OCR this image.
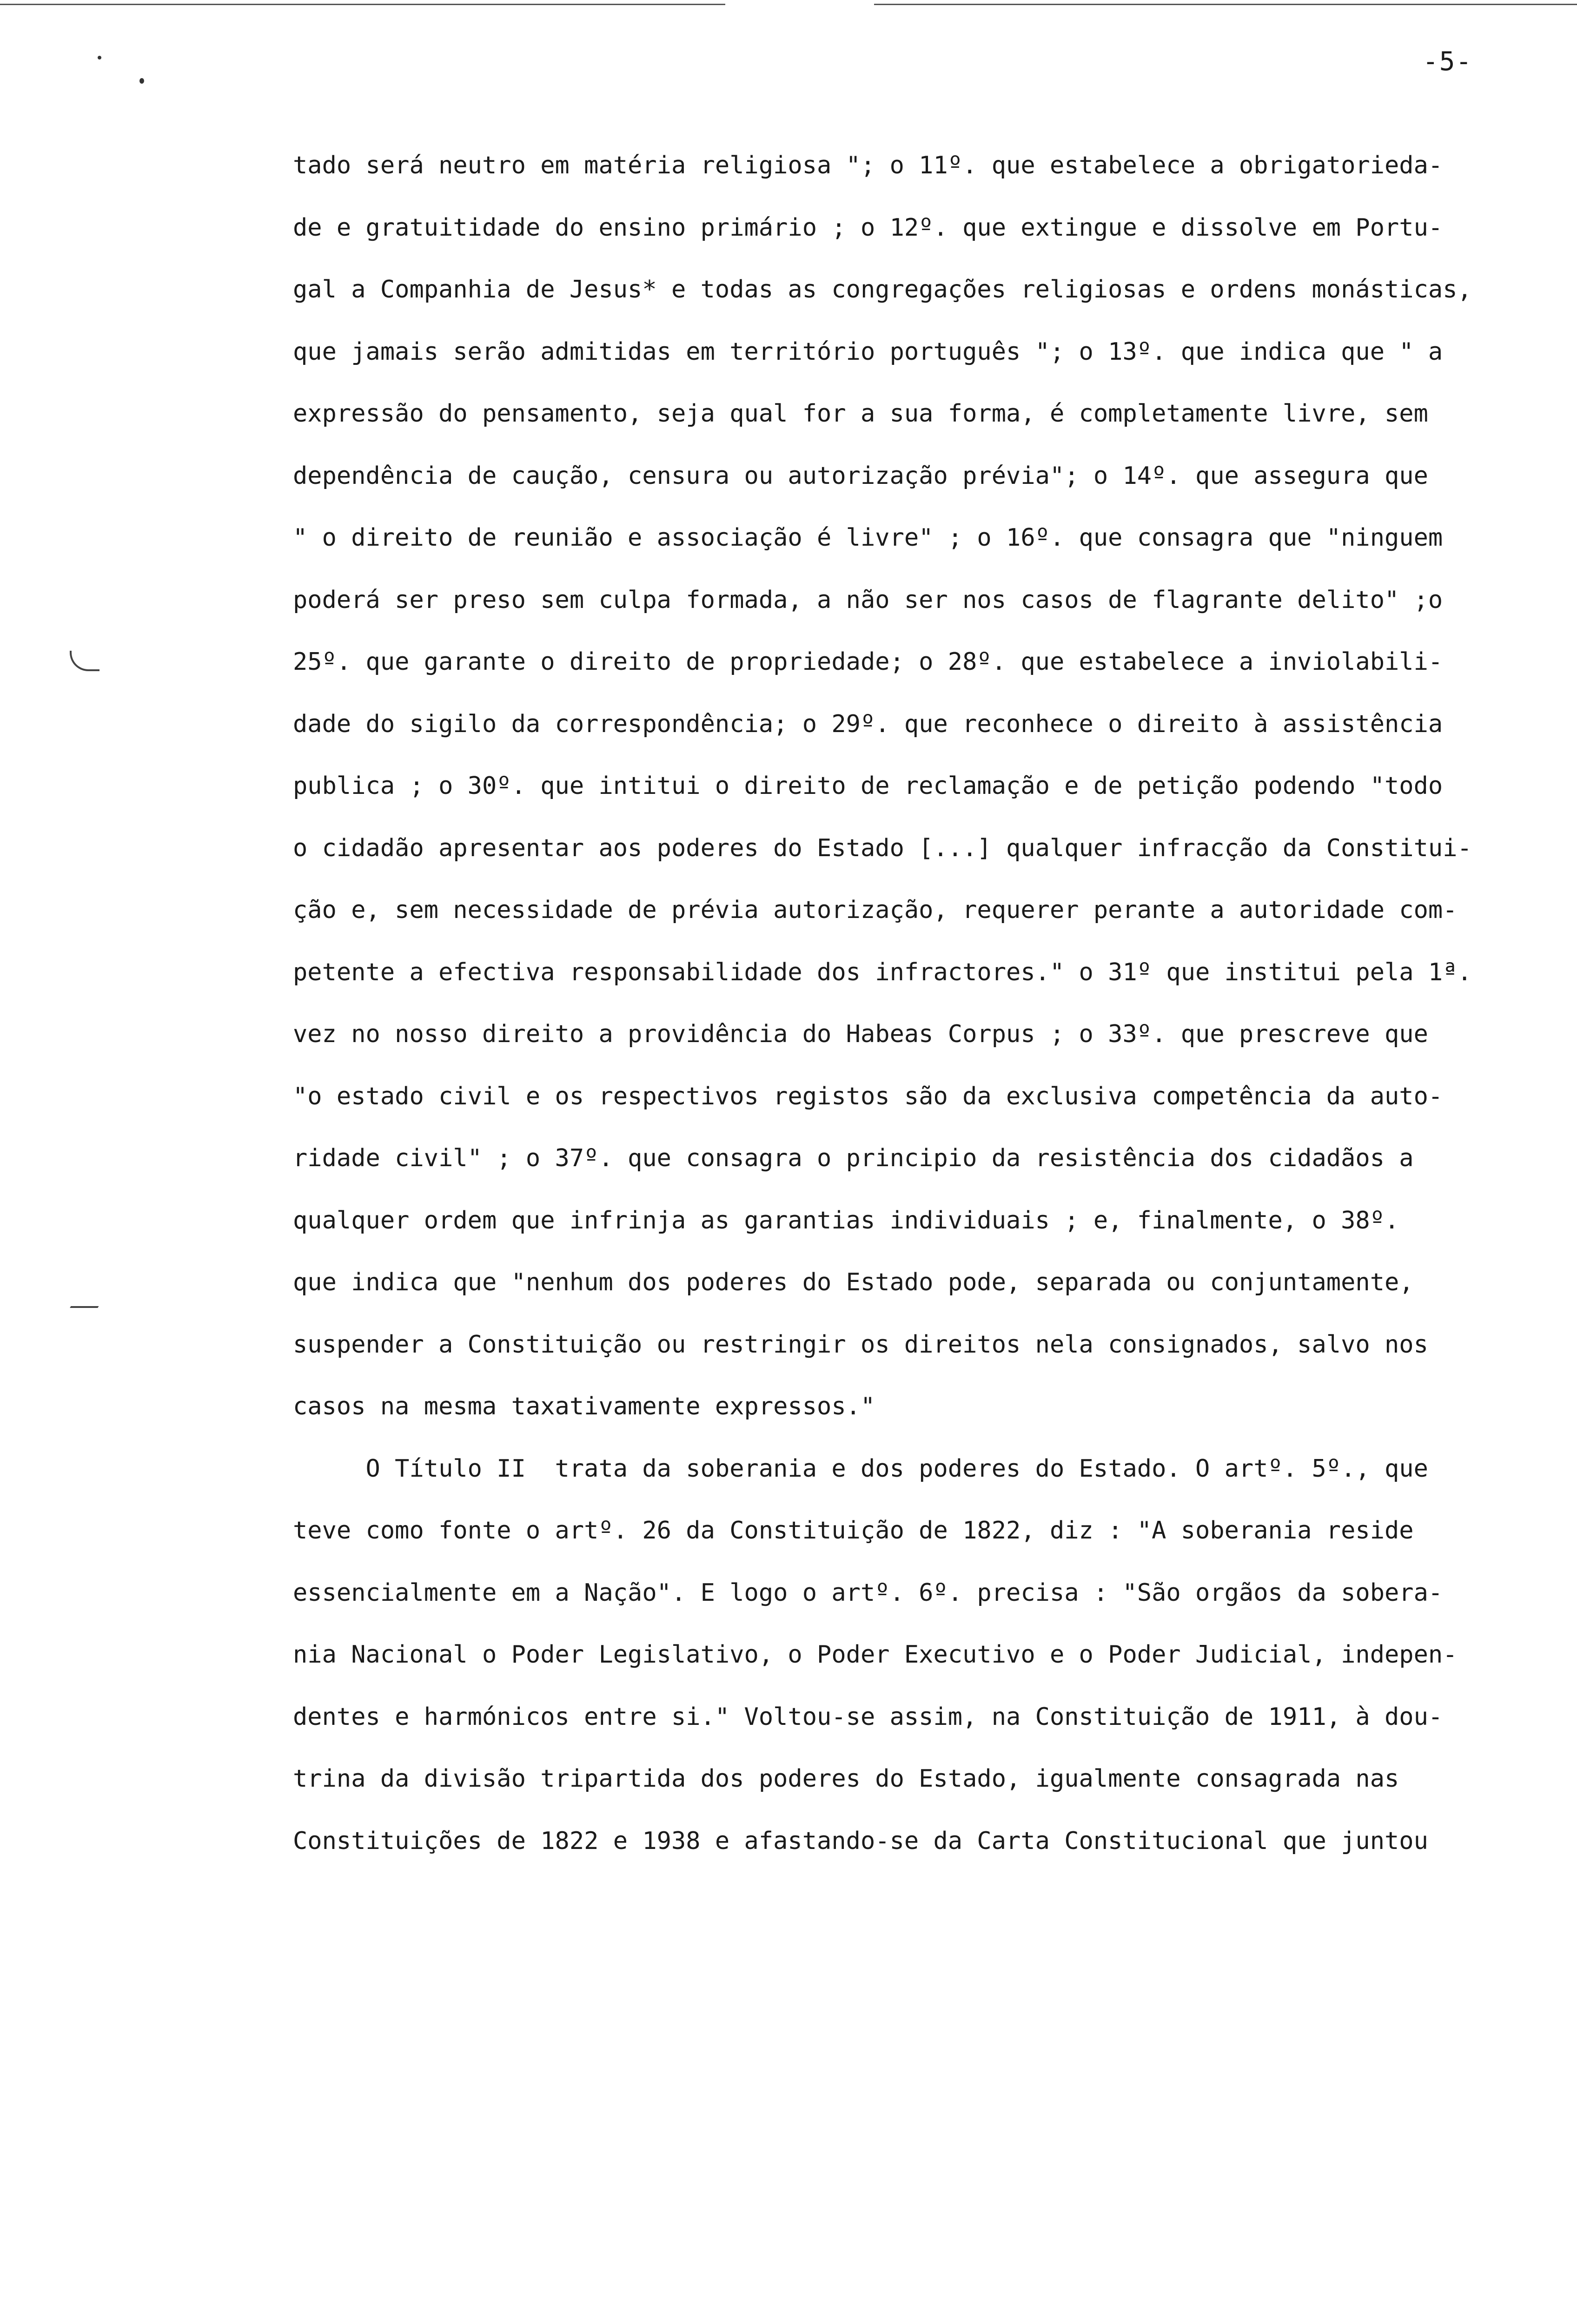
-5-
tado será neutro em matéria religiosa "; o 11º. que estabelece a obrigatorieda-
de e gratuitidade do ensino primário ; o 12º. que extingue e dissolve em Portu-
gal a Companhia de Jesus* e todas as congregações religiosas e ordens monásticas,
que jamais serão admitidas em território português "; o 13º. que indica que " a
expressão do pensamento, seja qual for a sua forma, é completamente livre, sem
dependência de caução, censura ou autorização prévia"; o 14º. que assegura que
" o direito de reunião e associação é livre" ; o 16º. que consagra que "ninguem
poderá ser preso sem culpa formada, a não ser nos casos de flagrante delito" ;o
25º. que garante o direito de propriedade; o 28º. que estabelece a inviolabili-
dade do sigilo da correspondência; o 29º. que reconhece o direito à assistência
publica ; o 30º. que intitui o direito de reclamação e de petição podendo "todo
o cidadão apresentar aos poderes do Estado [...] qualquer infracção da Constitui-
ção e, sem necessidade de prévia autorização, requerer perante a autoridade com-
petente a efectiva responsabilidade dos infractores." o 31º que institui pela 1ª.
vez no nosso direito a providência do Habeas Corpus ; o 33º. que prescreve que
"o estado civil e os respectivos registos são da exclusiva competência da auto-
ridade civil" ; o 37º. que consagra o principio da resistência dos cidadãos a
qualquer ordem que infrinja as garantias individuais ; e, finalmente, o 38º.
que indica que "nenhum dos poderes do Estado pode, separada ou conjuntamente,
suspender a Constituição ou restringir os direitos nela consignados, salvo nos
casos na mesma taxativamente expressos."
O Título II  trata da soberania e dos poderes do Estado. O artº. 5º., que
teve como fonte o artº. 26 da Constituição de 1822, diz : "A soberania reside
essencialmente em a Nação". E logo o artº. 6º. precisa : "São orgãos da sobera-
nia Nacional o Poder Legislativo, o Poder Executivo e o Poder Judicial, indepen-
dentes e harmónicos entre si." Voltou-se assim, na Constituição de 1911, à dou-
trina da divisão tripartida dos poderes do Estado, igualmente consagrada nas
Constituições de 1822 e 1938 e afastando-se da Carta Constitucional que juntou
